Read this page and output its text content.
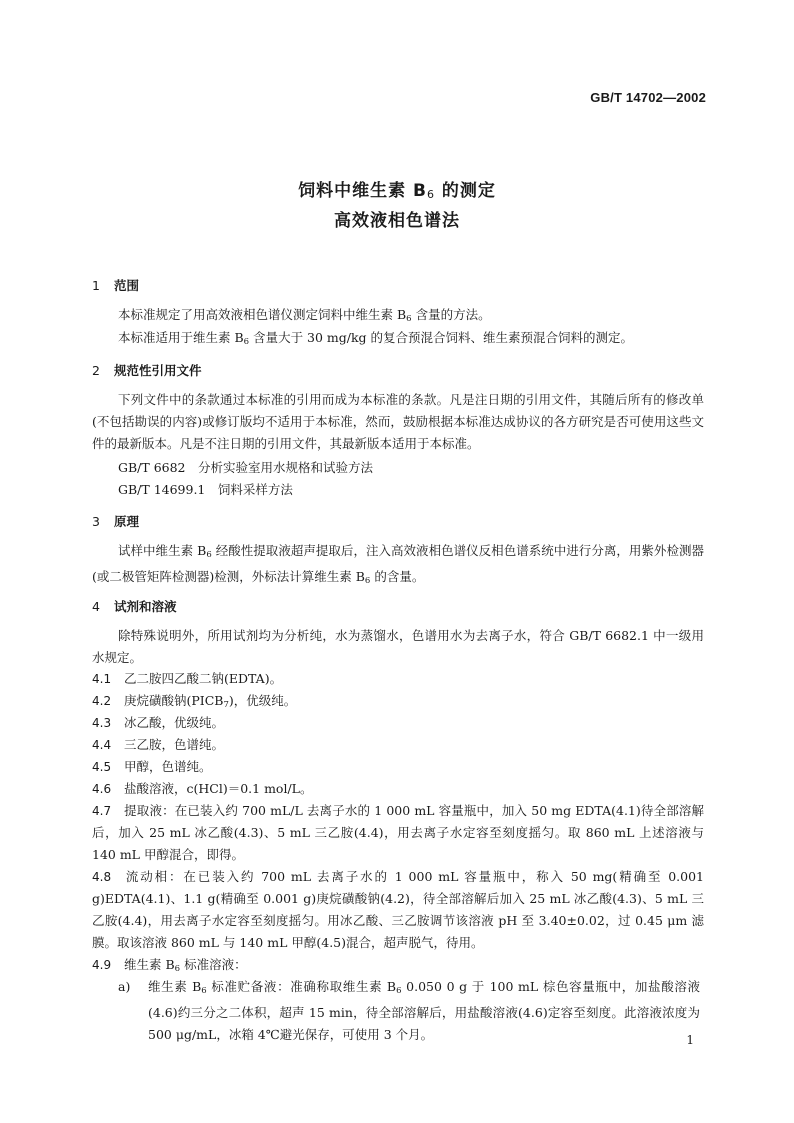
GB/T 14702—2002
饲料中维生素 $B_6$ 的测定
高效液相色谱法
1 范围
本标准规定了用高效液相色谱仪测定饲料中维生素 $B_6$ 含量的方法。
本标准适用于维生素 $B_6$ 含量大于 30 mg/kg 的复合预混合饲料、维生素预混合饲料的测定。
2 规范性引用文件
下列文件中的条款通过本标准的引用而成为本标准的条款。凡是注日期的引用文件，其随后所有的修改单(不包括勘误的内容)或修订版均不适用于本标准，然而，鼓励根据本标准达成协议的各方研究是否可使用这些文件的最新版本。凡是不注日期的引用文件，其最新版本适用于本标准。
GB/T 6682　分析实验室用水规格和试验方法
GB/T 14699.1　饲料采样方法
3 原理
试样中维生素 $B_6$ 经酸性提取液超声提取后，注入高效液相色谱仪反相色谱系统中进行分离，用紫外检测器(或二极管矩阵检测器)检测，外标法计算维生素 $B_6$ 的含量。
4 试剂和溶液
除特殊说明外，所用试剂均为分析纯，水为蒸馏水，色谱用水为去离子水，符合 GB/T 6682.1 中一级用水规定。
4.1 乙二胺四乙酸二钠(EDTA)。
4.2 庚烷磺酸钠$(PICB_7)$，优级纯。
4.3 冰乙酸，优级纯。
4.4 三乙胺，色谱纯。
4.5 甲醇，色谱纯。
4.6 盐酸溶液，c(HCl)＝0.1 mol/L。
4.7 提取液：在已装入约 700 mL/L 去离子水的 1 000 mL 容量瓶中，加入 50 mg EDTA(4.1)待全部溶解后，加入 25 mL 冰乙酸(4.3)、5 mL 三乙胺(4.4)，用去离子水定容至刻度摇匀。取 860 mL 上述溶液与 140 mL 甲醇混合，即得。
4.8 流动相：在已装入约 700 mL 去离子水的 1 000 mL 容量瓶中，称入 50 mg(精确至 0.001 g)EDTA(4.1)、1.1 g(精确至 0.001 g)庚烷磺酸钠(4.2)，待全部溶解后加入 25 mL 冰乙酸(4.3)、5 mL 三乙胺(4.4)，用去离子水定容至刻度摇匀。用冰乙酸、三乙胺调节该溶液 pH 至 3.40±0.02，过 0.45 μm 滤膜。取该溶液 860 mL 与 140 mL 甲醇(4.5)混合，超声脱气，待用。
4.9 维生素 $B_6$ 标准溶液：
a) 维生素 $B_6$ 标准贮备液：准确称取维生素 $B_6$ 0.050 0 g 于 100 mL 棕色容量瓶中，加盐酸溶液(4.6)约三分之二体积，超声 15 min，待全部溶解后，用盐酸溶液(4.6)定容至刻度。此溶液浓度为 500 μg/mL，冰箱 4℃避光保存，可使用 3 个月。	1
